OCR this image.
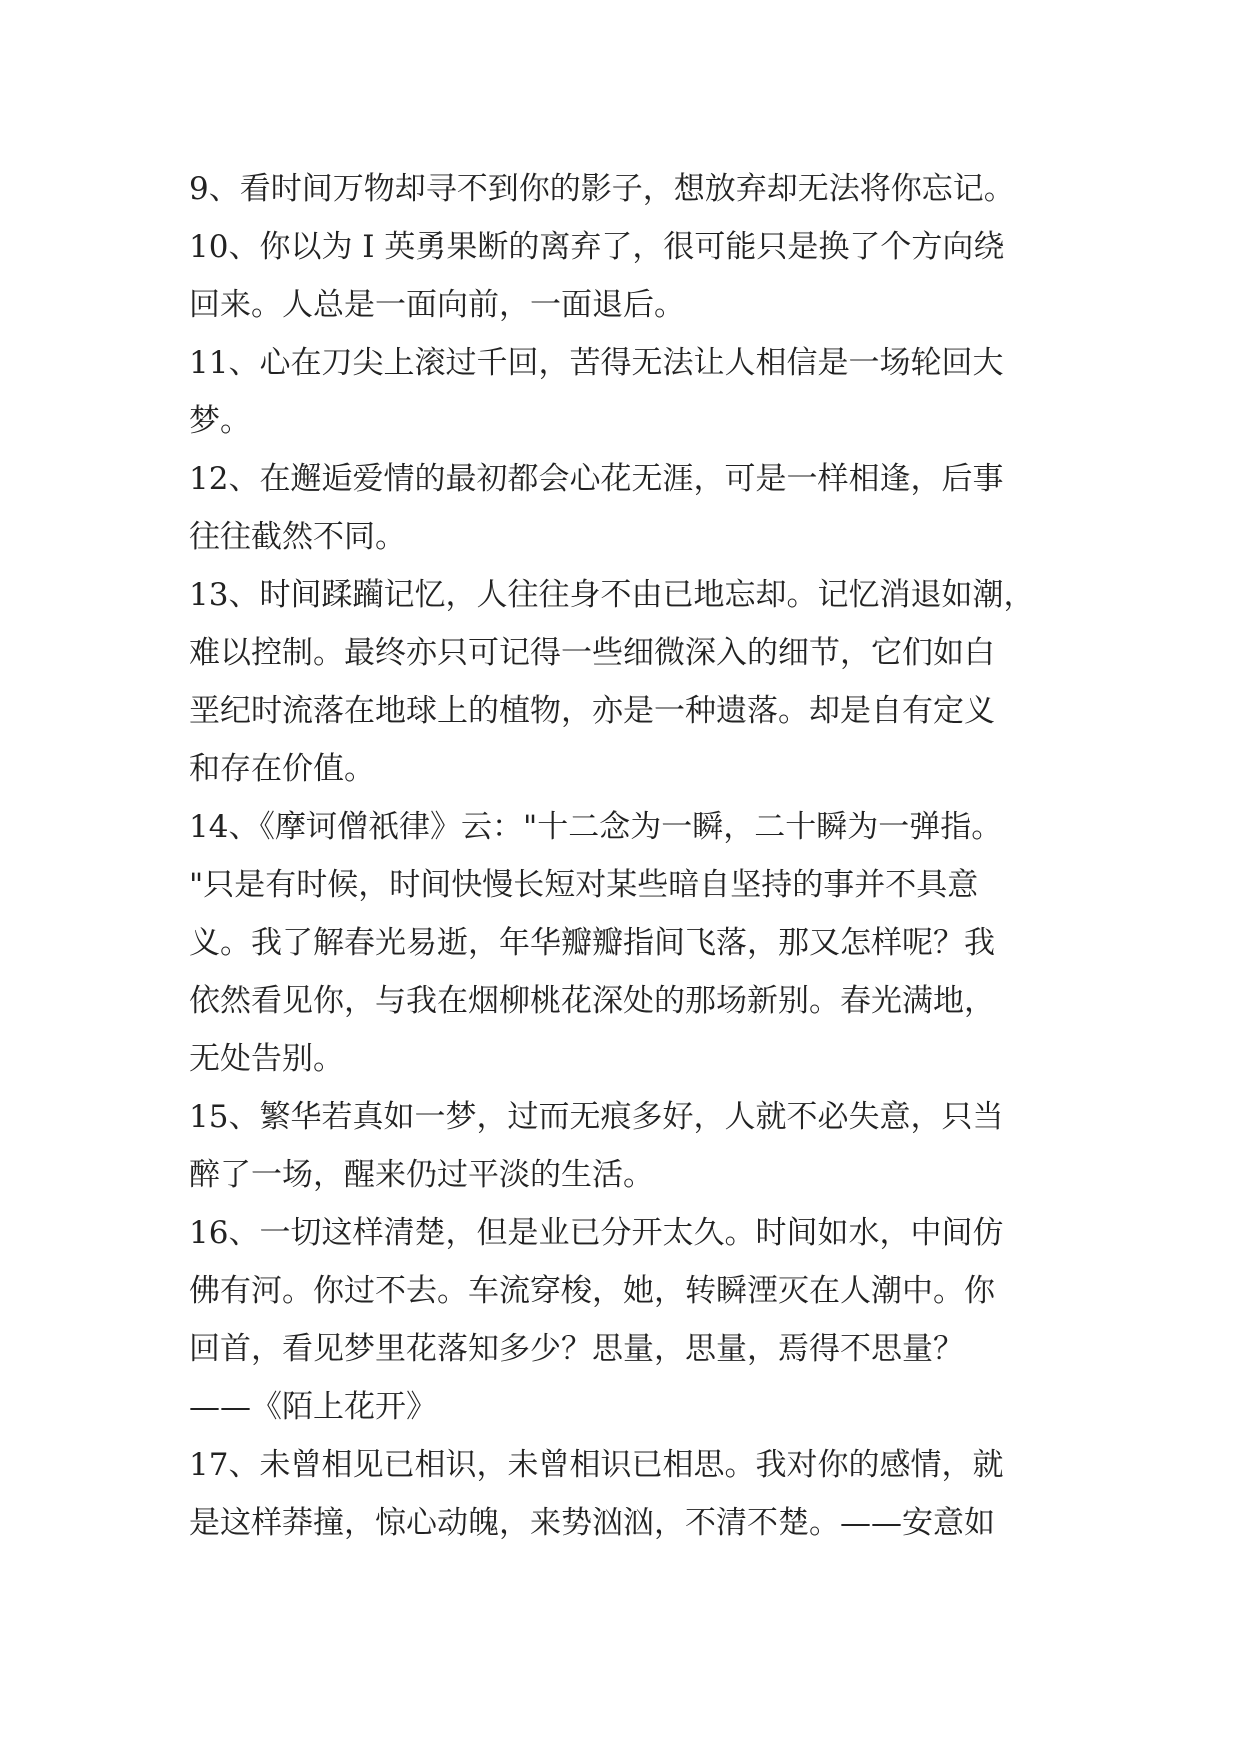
9、看时间万物却寻不到你的影子，想放弃却无法将你忘记。
10、你以为 I 英勇果断的离弃了，很可能只是换了个方向绕
回来。人总是一面向前，一面退后。
11、心在刀尖上滚过千回，苦得无法让人相信是一场轮回大
梦。
12、在邂逅爱情的最初都会心花无涯，可是一样相逢，后事
往往截然不同。
13、时间蹂躏记忆，人往往身不由已地忘却。记忆消退如潮，
难以控制。最终亦只可记得一些细微深入的细节，它们如白
垩纪时流落在地球上的植物，亦是一种遗落。却是自有定义
和存在价值。
14、《摩诃僧祇律》云："十二念为一瞬，二十瞬为一弹指。
"只是有时候，时间快慢长短对某些暗自坚持的事并不具意
义。我了解春光易逝，年华瓣瓣指间飞落，那又怎样呢？我
依然看见你，与我在烟柳桃花深处的那场新别。春光满地，
无处告别。
15、繁华若真如一梦，过而无痕多好，人就不必失意，只当
醉了一场，醒来仍过平淡的生活。
16、一切这样清楚，但是业已分开太久。时间如水，中间仿
佛有河。你过不去。车流穿梭，她，转瞬湮灭在人潮中。你
回首，看见梦里花落知多少？思量，思量，焉得不思量？
——《陌上花开》
17、未曾相见已相识，未曾相识已相思。我对你的感情，就
是这样莽撞，惊心动魄，来势汹汹，不清不楚。——安意如
